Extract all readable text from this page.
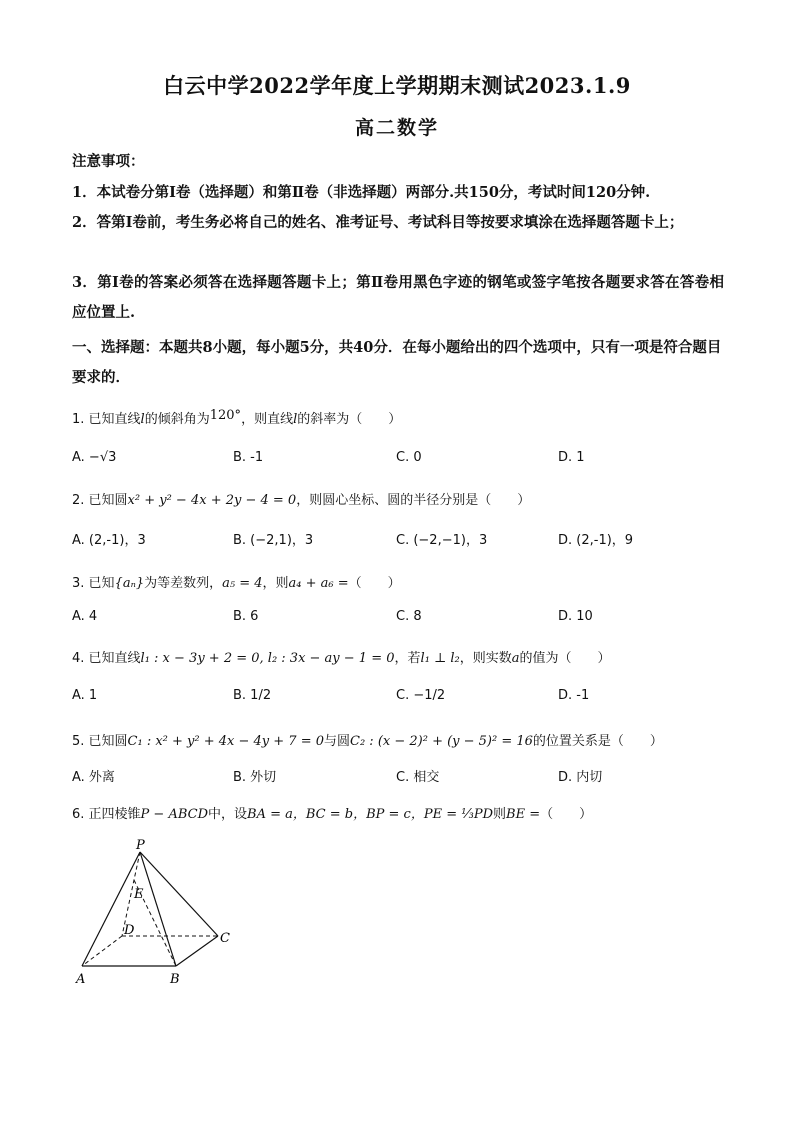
白云中学2022学年度上学期期末测试2023.1.9
高二数学
注意事项：
1．本试卷分第Ⅰ卷（选择题）和第Ⅱ卷（非选择题）两部分.共150分，考试时间120分钟.
2．答第Ⅰ卷前，考生务必将自己的姓名、准考证号、考试科目等按要求填涂在选择题答题卡上；
3．第Ⅰ卷的答案必须答在选择题答题卡上；第Ⅱ卷用黑色字迹的钢笔或签字笔按各题要求答在答卷相应位置上.
一、选择题：本题共8小题，每小题5分，共40分．在每小题给出的四个选项中，只有一项是符合题目要求的．
1. 已知直线l的倾斜角为120°，则直线l的斜率为（　　）
A. −√3	B. -1	C. 0	D. 1
2. 已知圆x² + y² − 4x + 2y − 4 = 0，则圆心坐标、圆的半径分别是（　　）
A. (2,-1)，3	B. (−2,1)，3	C. (−2,−1)，3	D. (2,-1)，9
3. 已知{aₙ}为等差数列，a₅ = 4，则a₄ + a₆ =（　　）
A. 4	B. 6	C. 8	D. 10
4. 已知直线l₁ : x − 3y + 2 = 0, l₂ : 3x − ay − 1 = 0，若l₁ ⊥ l₂，则实数a的值为（　　）
A. 1	B. 1/2	C. −1/2	D. -1
5. 已知圆C₁ : x² + y² + 4x − 4y + 7 = 0与圆C₂ : (x − 2)² + (y − 5)² = 16的位置关系是（　　）
A. 外离	B. 外切	C. 相交	D. 内切
6. 正四棱锥P − ABCD中，设BA = a，BC = b，BP = c，PE = ⅓PD则BE =（　　）
P
E
D
C
A	B
